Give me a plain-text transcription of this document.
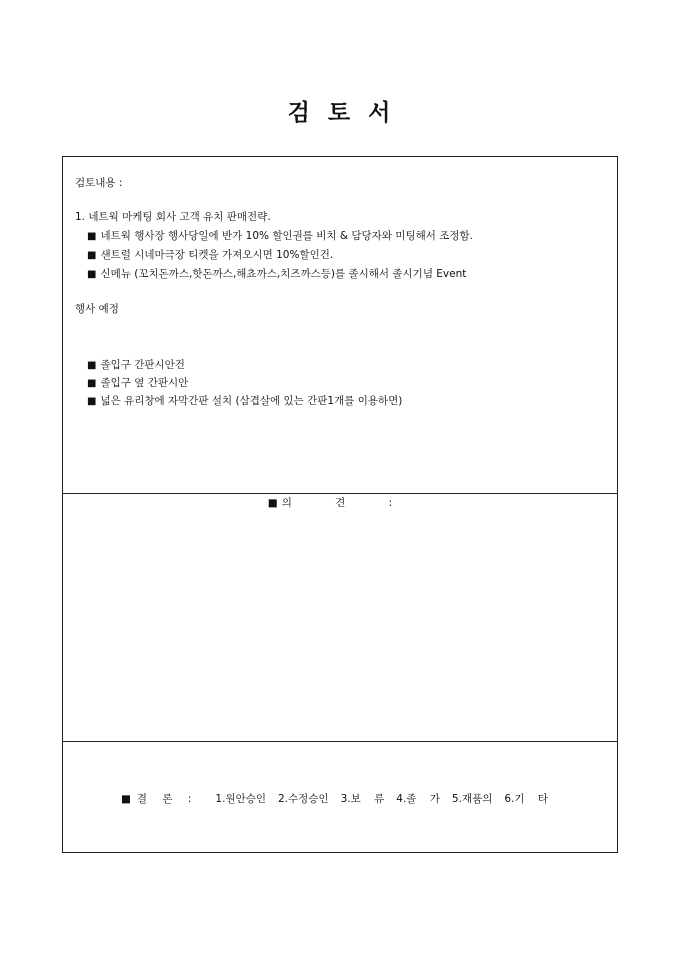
검 토 서
검토내용 :
1. 네트웍 마케팅 회사 고객 유치 판매전략.
■ 네트웍 행사장 행사당일에 반가 10% 할인권를 비치 & 담당자와 미팅해서 조정함.
■ 샌트럴 시네마극장 티켓을 가져오시면 10%할인건.
■ 신메뉴 (꼬치돈까스,핫돈까스,해쵸까스,치즈까스등)를 졸시해서 졸시기념 Event
행사 예정
■ 졸입구 간판시안건
■ 졸입구 옆 간판시안
■ 넓은 유리창에 자막간판 설치 (삼겹살에 있는 간판1개를 이용하면)
■ 의 견 :
■ 결 론 : 1.원안승인 2.수정승인 3.보 류 4.졸 가 5.재품의 6.기 타
